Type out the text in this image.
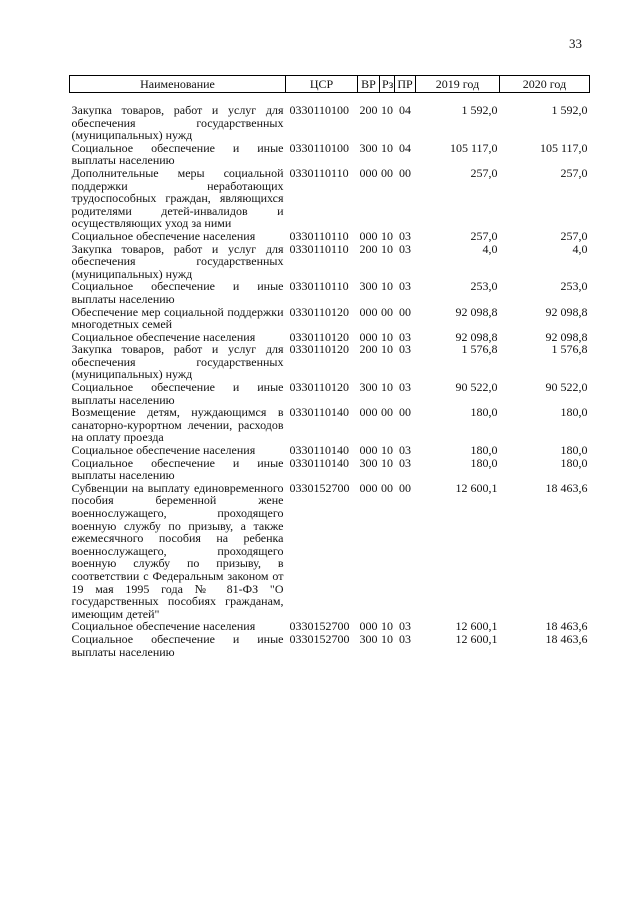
33
Наименование	ЦСР	ВР	Рз	ПР	2019 год	2020 год
Закупка товаров, работ и услуг для обеспечения государственных (муниципальных) нужд	0330110100	200	10	04	1 592,0	1 592,0
Социальное обеспечение и иные выплаты населению	0330110100	300	10	04	105 117,0	105 117,0
Дополнительные меры социальной поддержки неработающих трудоспособных граждан, являющихся родителями детей-инвалидов и осуществляющих уход за ними	0330110110	000	00	00	257,0	257,0
Социальное обеспечение населения	0330110110	000	10	03	257,0	257,0
Закупка товаров, работ и услуг для обеспечения государственных (муниципальных) нужд	0330110110	200	10	03	4,0	4,0
Социальное обеспечение и иные выплаты населению	0330110110	300	10	03	253,0	253,0
Обеспечение мер социальной поддержки многодетных семей	0330110120	000	00	00	92 098,8	92 098,8
Социальное обеспечение населения	0330110120	000	10	03	92 098,8	92 098,8
Закупка товаров, работ и услуг для обеспечения государственных (муниципальных) нужд	0330110120	200	10	03	1 576,8	1 576,8
Социальное обеспечение и иные выплаты населению	0330110120	300	10	03	90 522,0	90 522,0
Возмещение детям, нуждающимся в санаторно-курортном лечении, расходов на оплату проезда	0330110140	000	00	00	180,0	180,0
Социальное обеспечение населения	0330110140	000	10	03	180,0	180,0
Социальное обеспечение и иные выплаты населению	0330110140	300	10	03	180,0	180,0
Субвенции на выплату единовременного пособия беременной жене военнослужащего, проходящего военную службу по призыву, а также ежемесячного пособия на ребенка военнослужащего, проходящего военную службу по призыву, в соответствии с Федеральным законом от 19 мая 1995 года № 81-ФЗ "О государственных пособиях гражданам, имеющим детей"	0330152700	000	00	00	12 600,1	18 463,6
Социальное обеспечение населения	0330152700	000	10	03	12 600,1	18 463,6
Социальное обеспечение и иные выплаты населению	0330152700	300	10	03	12 600,1	18 463,6
